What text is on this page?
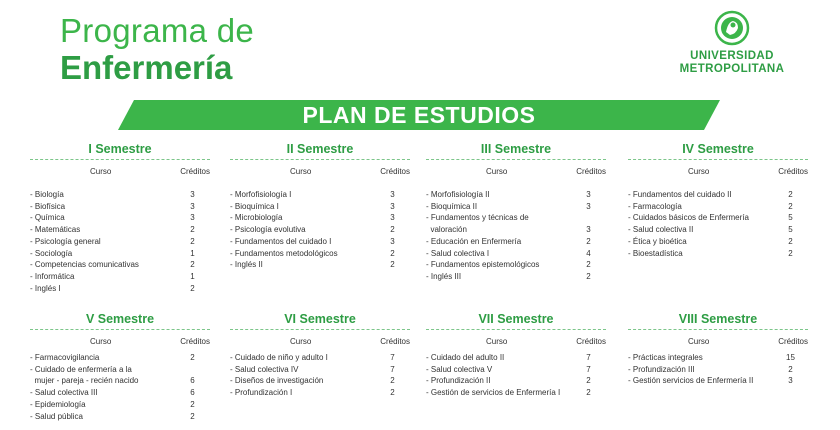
Programa de
Enfermería	UNIVERSIDAD
METROPOLITANA
PLAN DE ESTUDIOS
I Semestre
Curso	Créditos
- Biología	3
- Biofísica	3
- Química	3
- Matemáticas	2
- Psicología general	2
- Sociología	1
- Competencias comunicativas	2
- Informática	1
- Inglés I	2
II Semestre
Curso	Créditos
- Morfofisiología I	3
- Bioquímica I	3
- Microbiología	3
- Psicología evolutiva	2
- Fundamentos del cuidado I	3
- Fundamentos metodológicos	2
- Inglés II	2
III Semestre
Curso	Créditos
- Morfofisiología II	3
- Bioquímica II	3
- Fundamentos y técnicas de
valoración	3
- Educación en Enfermería	2
- Salud colectiva I	4
- Fundamentos epistemológicos	2
- Inglés III	2
IV Semestre
Curso	Créditos
- Fundamentos del cuidado II	2
- Farmacología	2
- Cuidados básicos de Enfermería	5
- Salud colectiva II	5
- Ética y bioética	2
- Bioestadística	2
V Semestre
Curso	Créditos
- Farmacovigilancia	2
- Cuidado de enfermería a la
mujer - pareja - recién nacido	6
- Salud colectiva III	6
- Epidemiología	2
- Salud pública	2
VI Semestre
Curso	Créditos
- Cuidado de niño y adulto I	7
- Salud colectiva IV	7
- Diseños de investigación	2
- Profundización I	2
VII Semestre
Curso	Créditos
- Cuidado del adulto II	7
- Salud colectiva V	7
- Profundización II	2
- Gestión de servicios de Enfermería I	2
VIII Semestre
Curso	Créditos
- Prácticas integrales	15
- Profundización III	2
- Gestión servicios de Enfermería II	3
